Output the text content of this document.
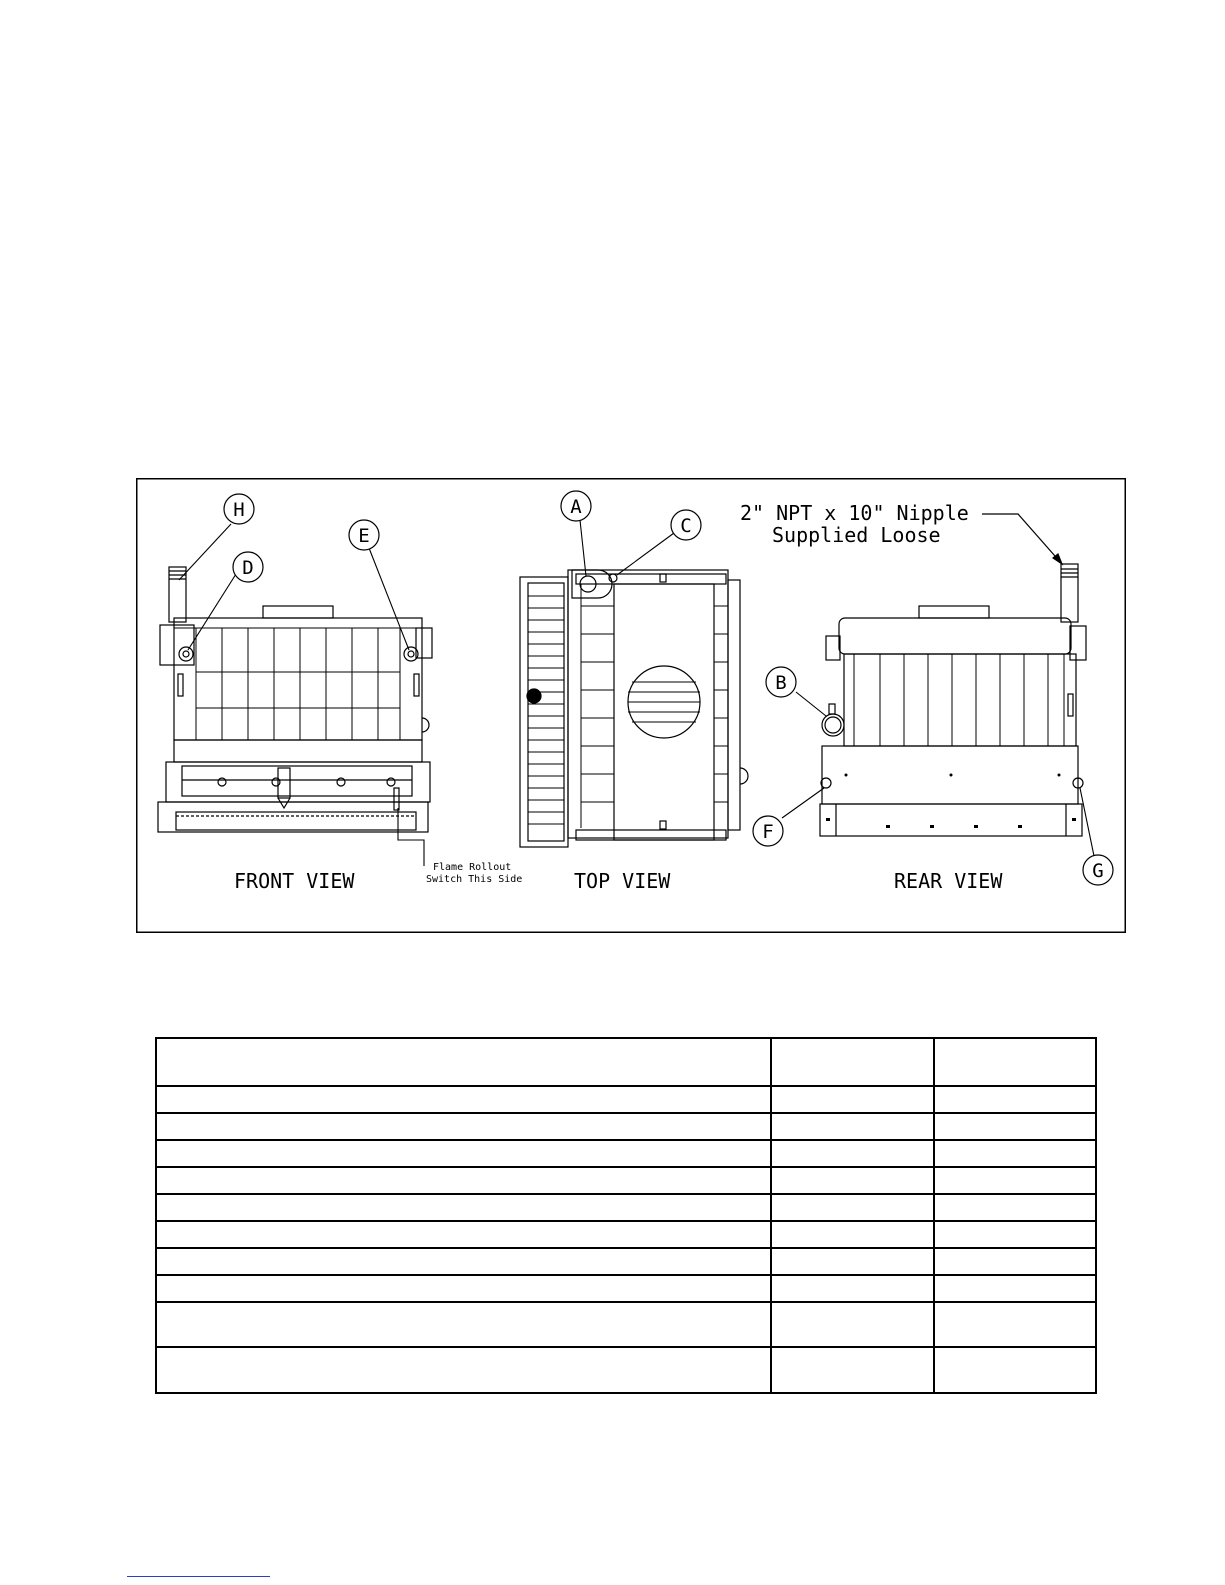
H
D
E
Flame Rollout
Switch This Side
FRONT VIEW
A
C
TOP VIEW
2" NPT x 10" Nipple
Supplied Loose
B
F
G
REAR VIEW
